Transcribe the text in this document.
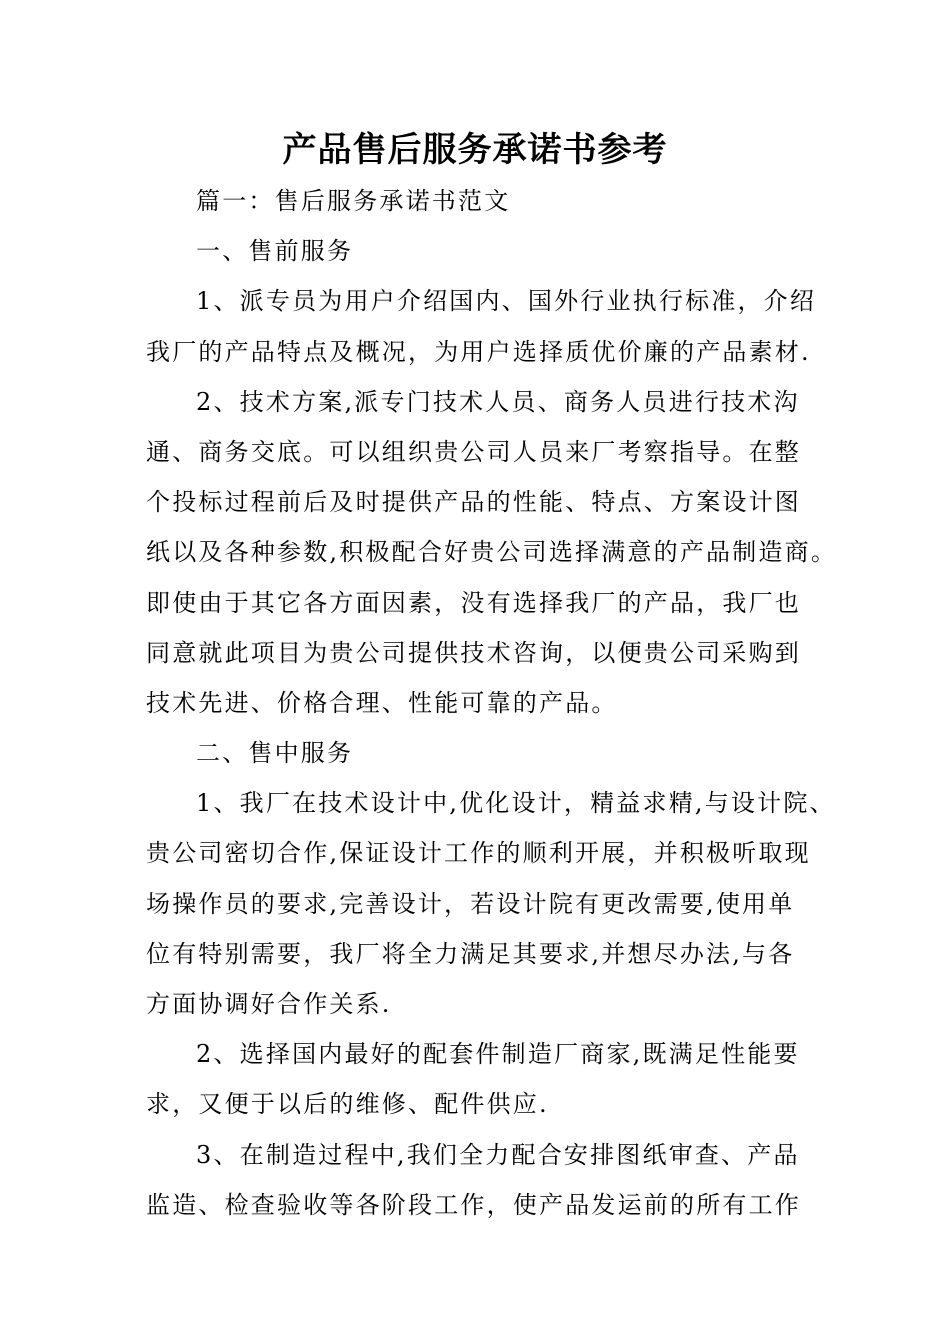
产品售后服务承诺书参考
篇一：售后服务承诺书范文
一、售前服务
1、派专员为用户介绍国内、国外行业执行标准，介绍
我厂的产品特点及概况，为用户选择质优价廉的产品素材.
2、技术方案,派专门技术人员、商务人员进行技术沟
通、商务交底。可以组织贵公司人员来厂考察指导。在整
个投标过程前后及时提供产品的性能、特点、方案设计图
纸以及各种参数,积极配合好贵公司选择满意的产品制造商。
即使由于其它各方面因素，没有选择我厂的产品，我厂也
同意就此项目为贵公司提供技术咨询，以便贵公司采购到
技术先进、价格合理、性能可靠的产品。
二、售中服务
1、我厂在技术设计中,优化设计，精益求精,与设计院、
贵公司密切合作,保证设计工作的顺利开展，并积极听取现
场操作员的要求,完善设计，若设计院有更改需要,使用单
位有特别需要，我厂将全力满足其要求,并想尽办法,与各
方面协调好合作关系.
2、选择国内最好的配套件制造厂商家,既满足性能要
求，又便于以后的维修、配件供应.
3、在制造过程中,我们全力配合安排图纸审查、产品
监造、检查验收等各阶段工作，使产品发运前的所有工作
